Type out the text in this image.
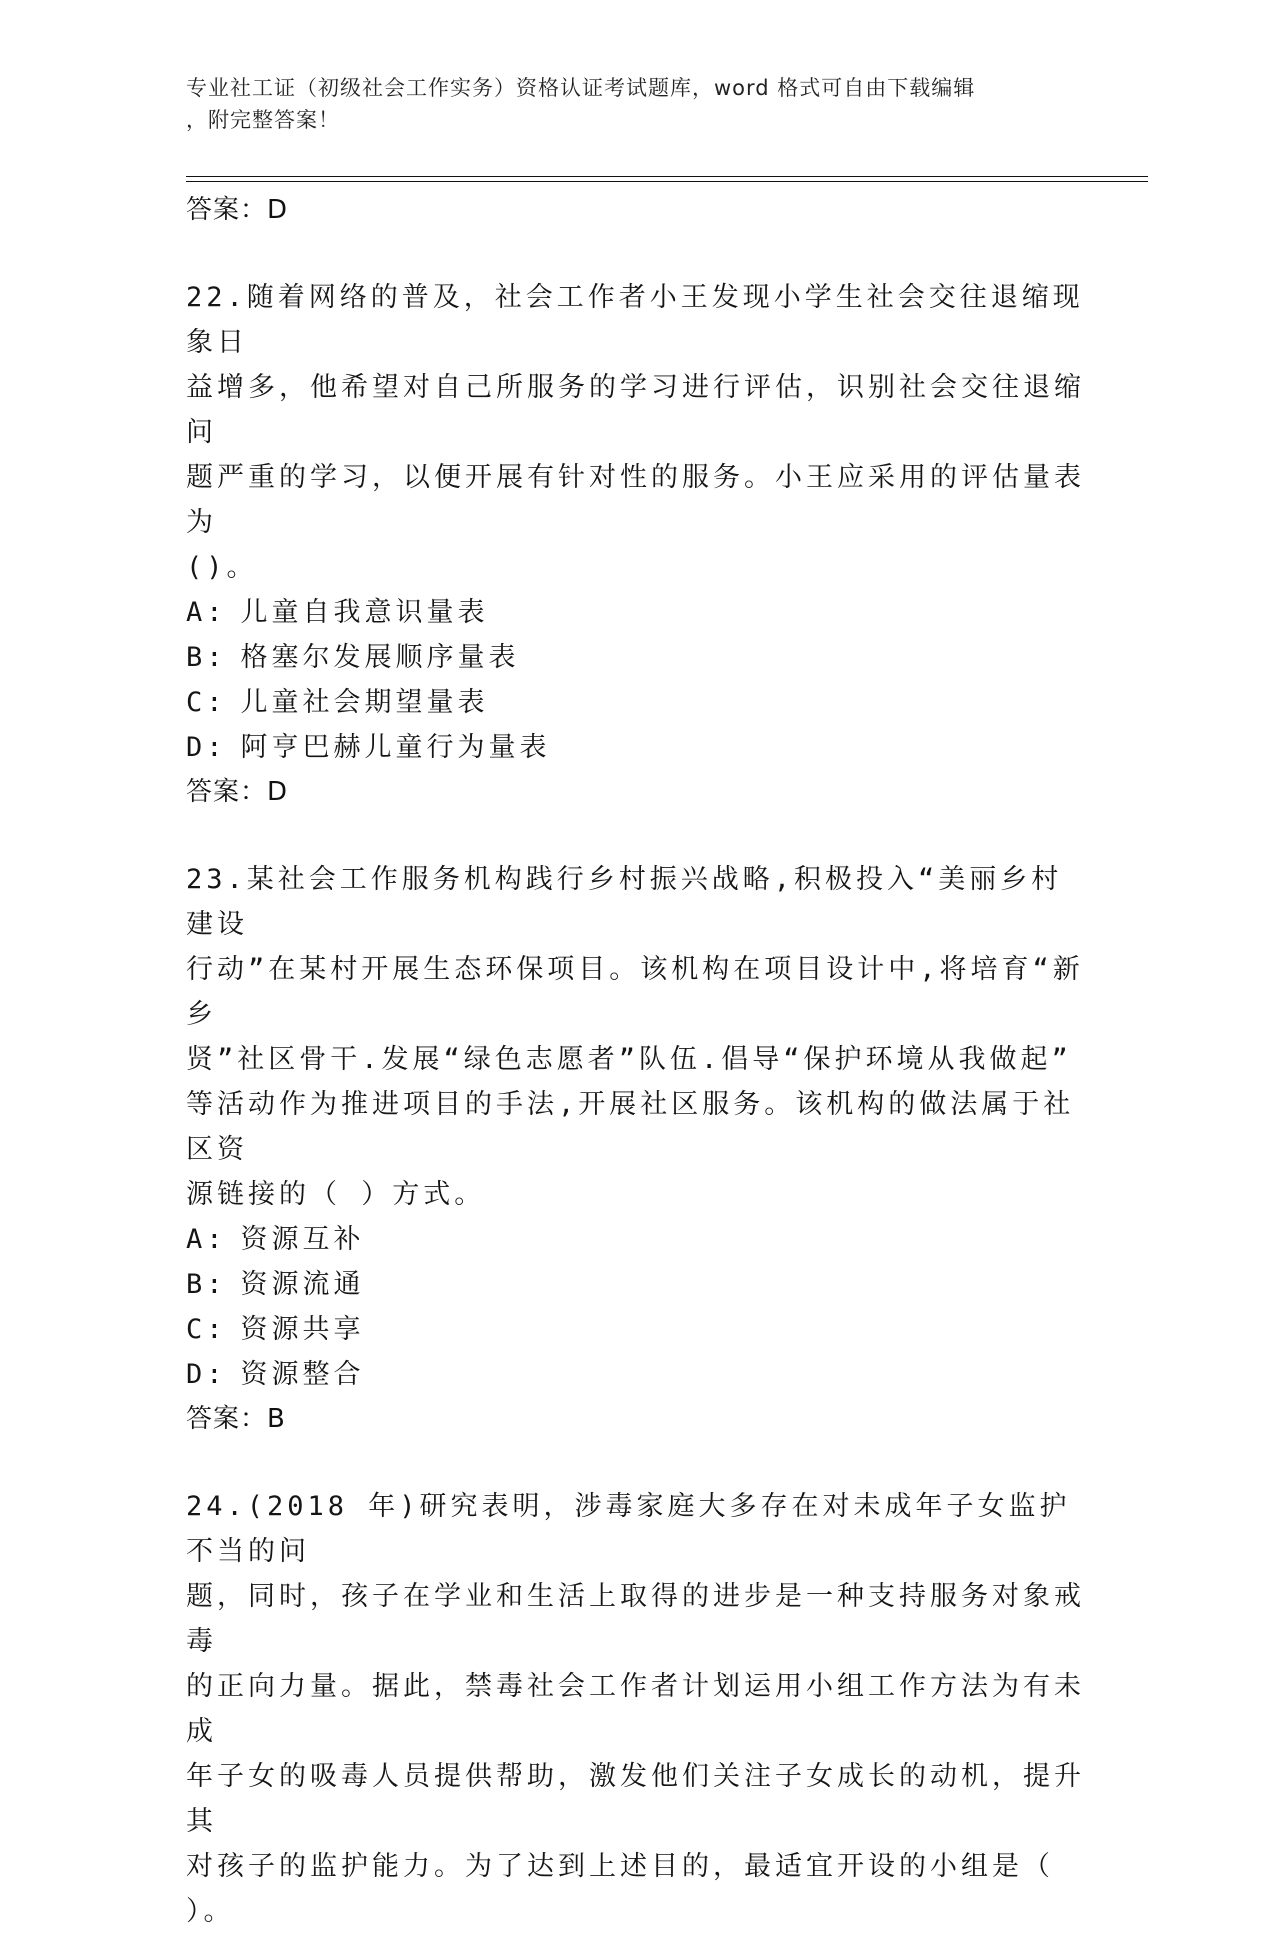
专业社工证（初级社会工作实务）资格认证考试题库，word 格式可自由下载编辑
，附完整答案！

答案：D

22.随着网络的普及，社会工作者小王发现小学生社会交往退缩现象日

益增多，他希望对自己所服务的学习进行评估，识别社会交往退缩问

题严重的学习，以便开展有针对性的服务。小王应采用的评估量表为

()。

A: 儿童自我意识量表

B: 格塞尔发展顺序量表

C: 儿童社会期望量表

D: 阿亨巴赫儿童行为量表

答案：D

23.某社会工作服务机构践行乡村振兴战略,积极投入“美丽乡村建设

行动”在某村开展生态环保项目。该机构在项目设计中,将培育“新乡

贤”社区骨干.发展“绿色志愿者”队伍.倡导“保护环境从我做起”

等活动作为推进项目的手法,开展社区服务。该机构的做法属于社区资

源链接的（ ）方式。

A: 资源互补

B: 资源流通

C: 资源共享

D: 资源整合

答案：B

24.(2018 年)研究表明，涉毒家庭大多存在对未成年子女监护不当的问

题，同时，孩子在学业和生活上取得的进步是一种支持服务对象戒毒

的正向力量。据此，禁毒社会工作者计划运用小组工作方法为有未成

年子女的吸毒人员提供帮助，激发他们关注子女成长的动机，提升其

对孩子的监护能力。为了达到上述目的，最适宜开设的小组是（ ）。
